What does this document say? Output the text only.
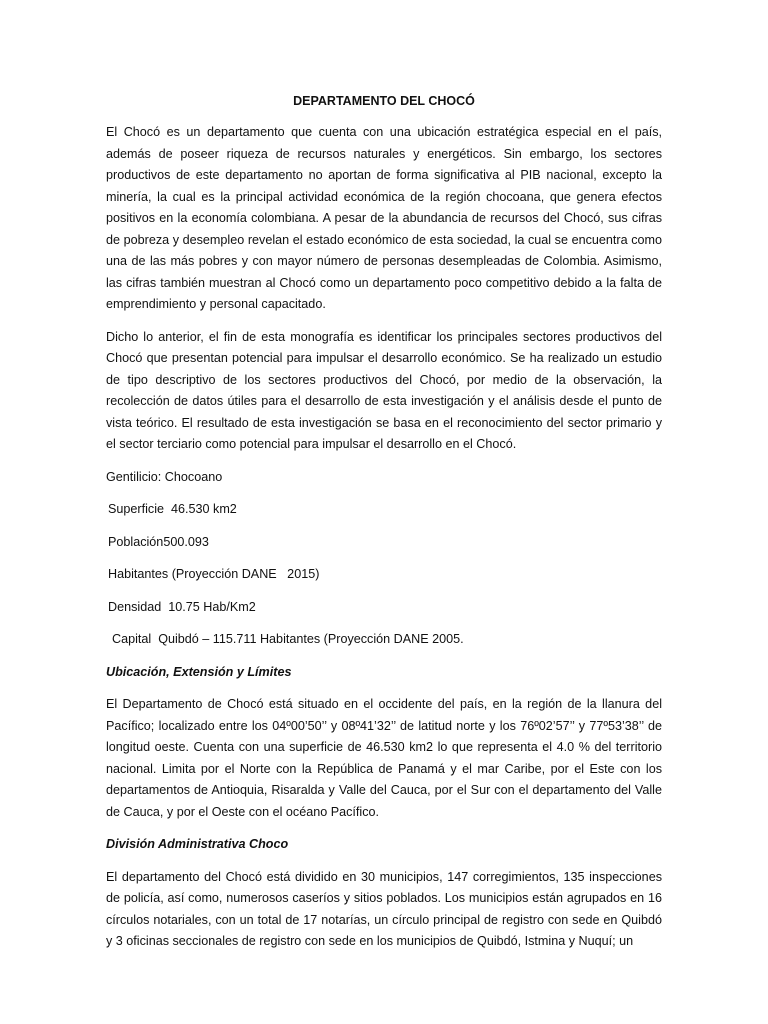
DEPARTAMENTO DEL CHOCÓ

El Chocó es un departamento que cuenta con una ubicación estratégica especial en el país, además de poseer riqueza de recursos naturales y energéticos. Sin embargo, los sectores productivos de este departamento no aportan de forma significativa al PIB nacional, excepto la minería, la cual es la principal actividad económica de la región chocoana, que genera efectos positivos en la economía colombiana. A pesar de la abundancia de recursos del Chocó, sus cifras de pobreza y desempleo revelan el estado económico de esta sociedad, la cual se encuentra como una de las más pobres y con mayor número de personas desempleadas de Colombia. Asimismo, las cifras también muestran al Chocó como un departamento poco competitivo debido a la falta de emprendimiento y personal capacitado.

Dicho lo anterior, el fin de esta monografía es identificar los principales sectores productivos del Chocó que presentan potencial para impulsar el desarrollo económico. Se ha realizado un estudio de tipo descriptivo de los sectores productivos del Chocó, por medio de la observación, la recolección de datos útiles para el desarrollo de esta investigación y el análisis desde el punto de vista teórico. El resultado de esta investigación se basa en el reconocimiento del sector primario y el sector terciario como potencial para impulsar el desarrollo en el Chocó.

Gentilicio: Chocoano
Superficie  46.530 km2
Población500.093
Habitantes (Proyección DANE   2015)
Densidad  10.75 Hab/Km2
Capital  Quibdó – 115.711 Habitantes (Proyección DANE 2005.
Ubicación, Extensión y Límites

El Departamento de Chocó está situado en el occidente del país, en la región de la llanura del Pacífico; localizado entre los 04º00’50’’ y 08º41’32’’ de latitud norte y los 76º02’57’’ y 77º53’38’’ de longitud oeste. Cuenta con una superficie de 46.530 km2 lo que representa el 4.0 % del territorio nacional. Limita por el Norte con la República de Panamá y el mar Caribe, por el Este con los departamentos de Antioquia, Risaralda y Valle del Cauca, por el Sur con el departamento del Valle de Cauca, y por el Oeste con el océano Pacífico.

División Administrativa Choco

El departamento del Chocó está dividido en 30 municipios, 147 corregimientos, 135 inspecciones de policía, así como, numerosos caseríos y sitios poblados. Los municipios están agrupados en 16 círculos notariales, con un total de 17 notarías, un círculo principal de registro con sede en Quibdó y 3 oficinas seccionales de registro con sede en los municipios de Quibdó, Istmina y Nuquí; un
